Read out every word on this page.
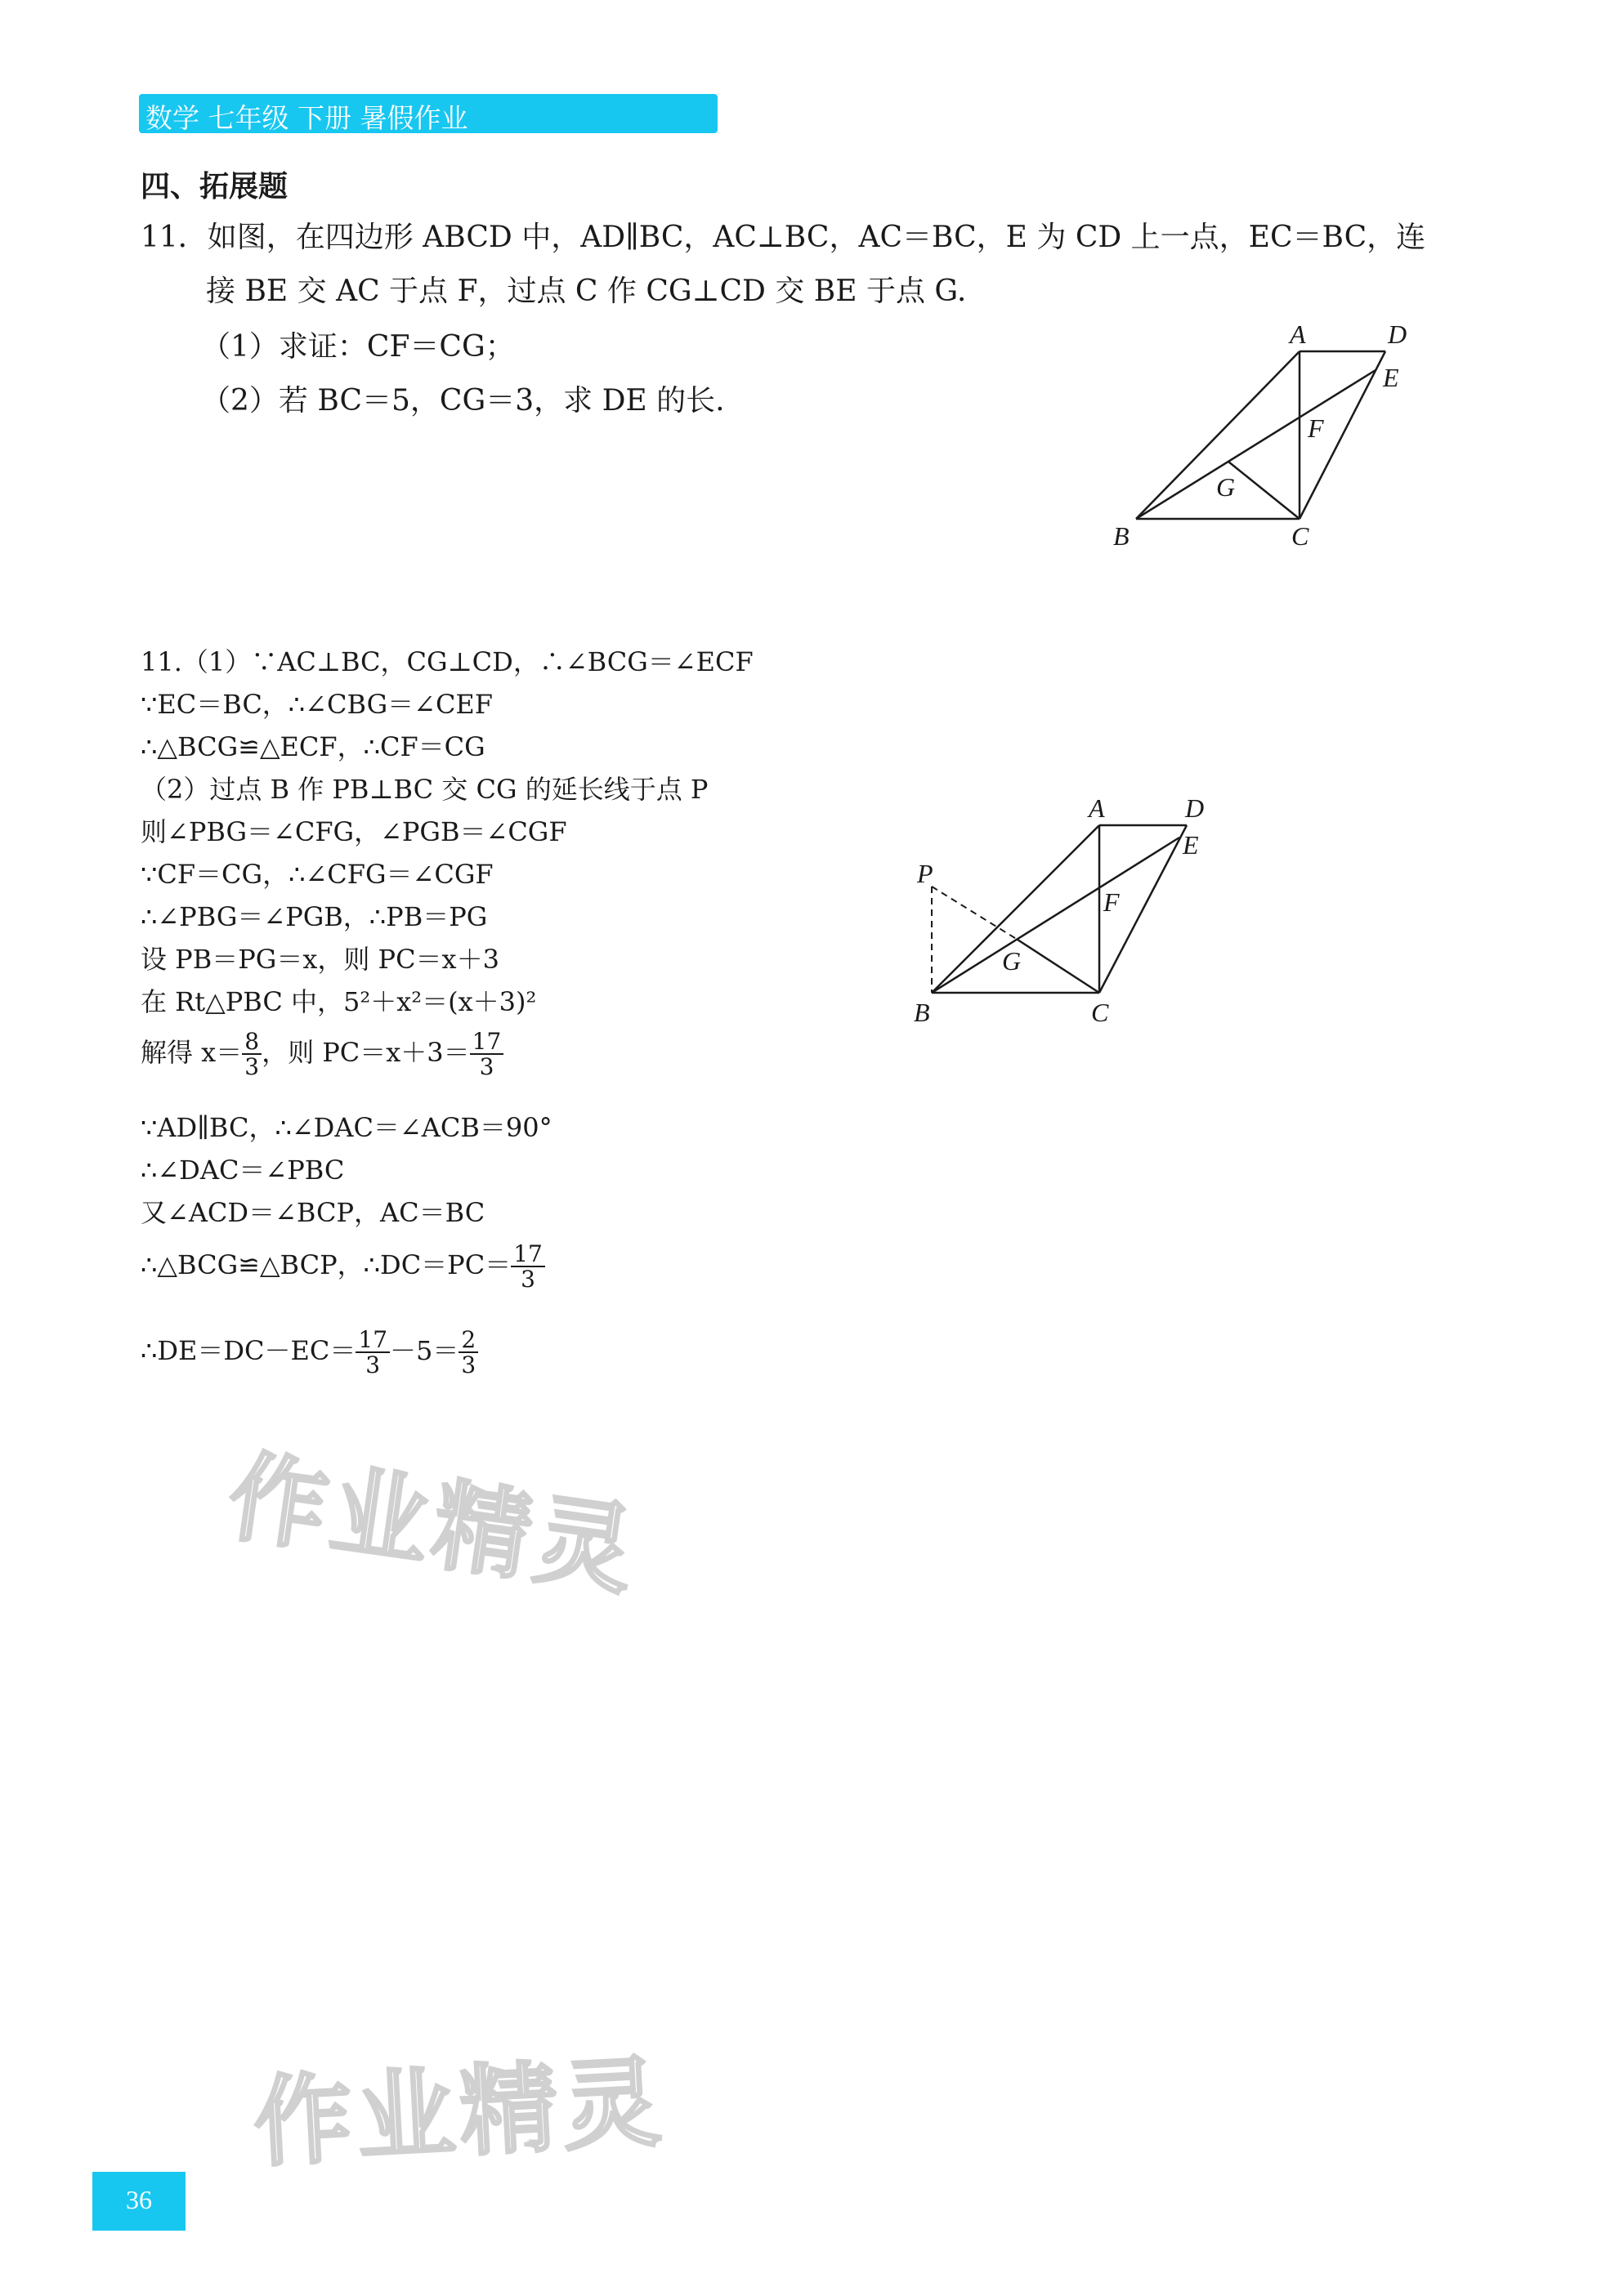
数学 七年级 下册 暑假作业
四、拓展题
11．如图，在四边形 ABCD 中，AD∥BC，AC⊥BC，AC＝BC，E 为 CD 上一点，EC＝BC，连
接 BE 交 AC 于点 F，过点 C 作 CG⊥CD 交 BE 于点 G.
（1）求证：CF＝CG；
（2）若 BC＝5，CG＝3，求 DE 的长.
A	D
E
F
G
B	C
11.（1）∵AC⊥BC，CG⊥CD，∴∠BCG＝∠ECF
∵EC＝BC，∴∠CBG＝∠CEF
∴△BCG≌△ECF，∴CF＝CG
（2）过点 B 作 PB⊥BC 交 CG 的延长线于点 P
则∠PBG＝∠CFG，∠PGB＝∠CGF
∵CF＝CG，∴∠CFG＝∠CGF
∴∠PBG＝∠PGB，∴PB＝PG
设 PB＝PG＝x，则 PC＝x＋3
在 Rt△PBC 中，5²＋x²＝(x＋3)²
解得 $x= \frac{8}{3}$ ，则 $PC=x+3= \frac{17}{3}$
∵AD∥BC，∴∠DAC＝∠ACB＝90°
∴∠DAC＝∠PBC
又∠ACD＝∠BCP，AC＝BC
∴△BCG≌△BCP，∴DC＝PC＝ $\frac{17}{3}$
∴DE＝DC－EC＝ $\frac{17}{3} -5= \frac{2}{3}$
A	D
E
F
G
B	C
P
作业精灵
作业精灵
36
